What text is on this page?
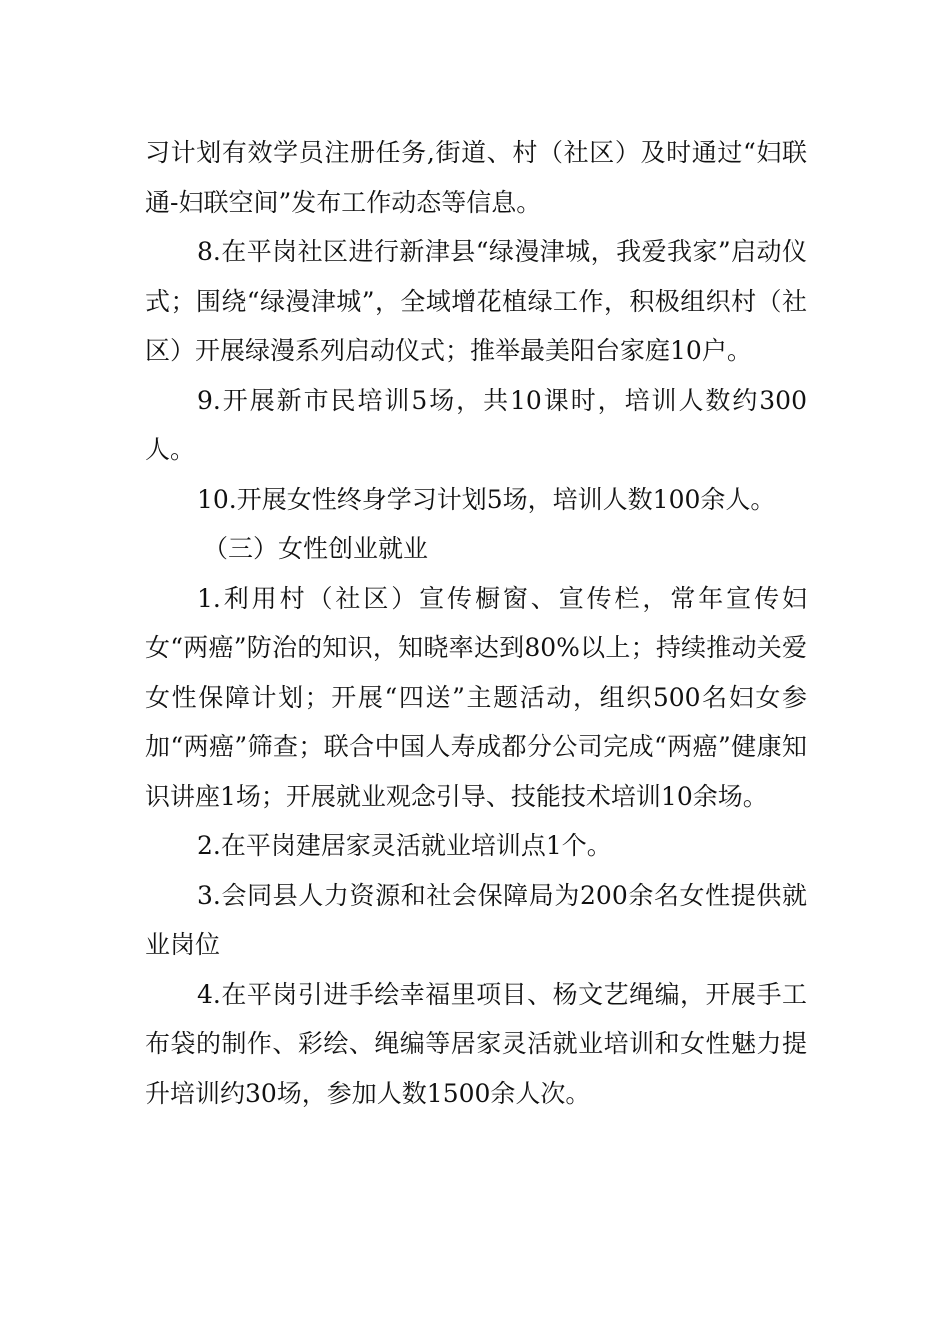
习计划有效学员注册任务,街道、村（社区）及时通过“妇联通-妇联空间”发布工作动态等信息。

8.在平岗社区进行新津县“绿漫津城，我爱我家”启动仪式；围绕“绿漫津城”，全域增花植绿工作，积极组织村（社区）开展绿漫系列启动仪式；推举最美阳台家庭10户。

9.开展新市民培训5场，共10课时，培训人数约300人。

10.开展女性终身学习计划5场，培训人数100余人。

（三）女性创业就业

1.利用村（社区）宣传橱窗、宣传栏，常年宣传妇女“两癌”防治的知识，知晓率达到80%以上；持续推动关爱女性保障计划；开展“四送”主题活动，组织500名妇女参加“两癌”筛查；联合中国人寿成都分公司完成“两癌”健康知识讲座1场；开展就业观念引导、技能技术培训10余场。

2.在平岗建居家灵活就业培训点1个。

3.会同县人力资源和社会保障局为200余名女性提供就业岗位

4.在平岗引进手绘幸福里项目、杨文艺绳编，开展手工布袋的制作、彩绘、绳编等居家灵活就业培训和女性魅力提升培训约30场，参加人数1500余人次。
